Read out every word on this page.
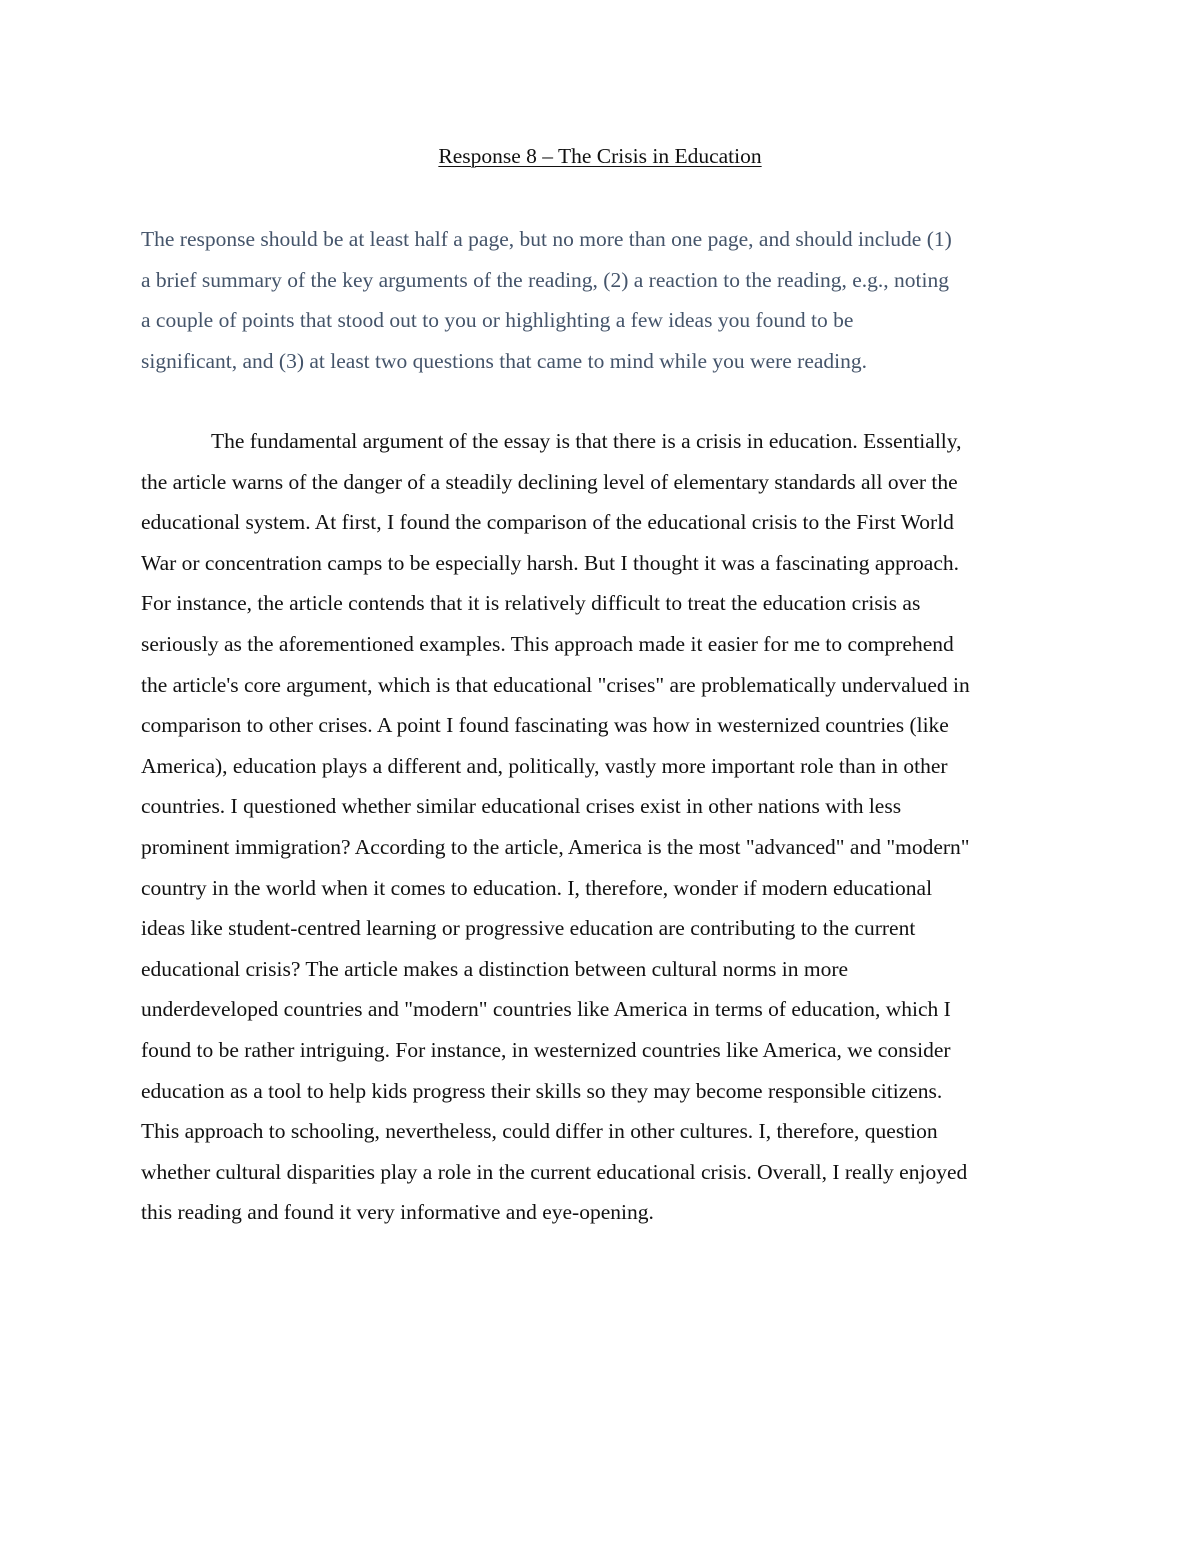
Response 8 – The Crisis in Education

The response should be at least half a page, but no more than one page, and should include (1)
a brief summary of the key arguments of the reading, (2) a reaction to the reading, e.g., noting
a couple of points that stood out to you or highlighting a few ideas you found to be
significant, and (3) at least two questions that came to mind while you were reading.

The fundamental argument of the essay is that there is a crisis in education. Essentially,
the article warns of the danger of a steadily declining level of elementary standards all over the
educational system. At first, I found the comparison of the educational crisis to the First World
War or concentration camps to be especially harsh. But I thought it was a fascinating approach.
For instance, the article contends that it is relatively difficult to treat the education crisis as
seriously as the aforementioned examples. This approach made it easier for me to comprehend
the article's core argument, which is that educational "crises" are problematically undervalued in
comparison to other crises. A point I found fascinating was how in westernized countries (like
America), education plays a different and, politically, vastly more important role than in other
countries. I questioned whether similar educational crises exist in other nations with less
prominent immigration? According to the article, America is the most "advanced" and "modern"
country in the world when it comes to education. I, therefore, wonder if modern educational
ideas like student-centred learning or progressive education are contributing to the current
educational crisis? The article makes a distinction between cultural norms in more
underdeveloped countries and "modern" countries like America in terms of education, which I
found to be rather intriguing. For instance, in westernized countries like America, we consider
education as a tool to help kids progress their skills so they may become responsible citizens.
This approach to schooling, nevertheless, could differ in other cultures. I, therefore, question
whether cultural disparities play a role in the current educational crisis. Overall, I really enjoyed
this reading and found it very informative and eye-opening.
